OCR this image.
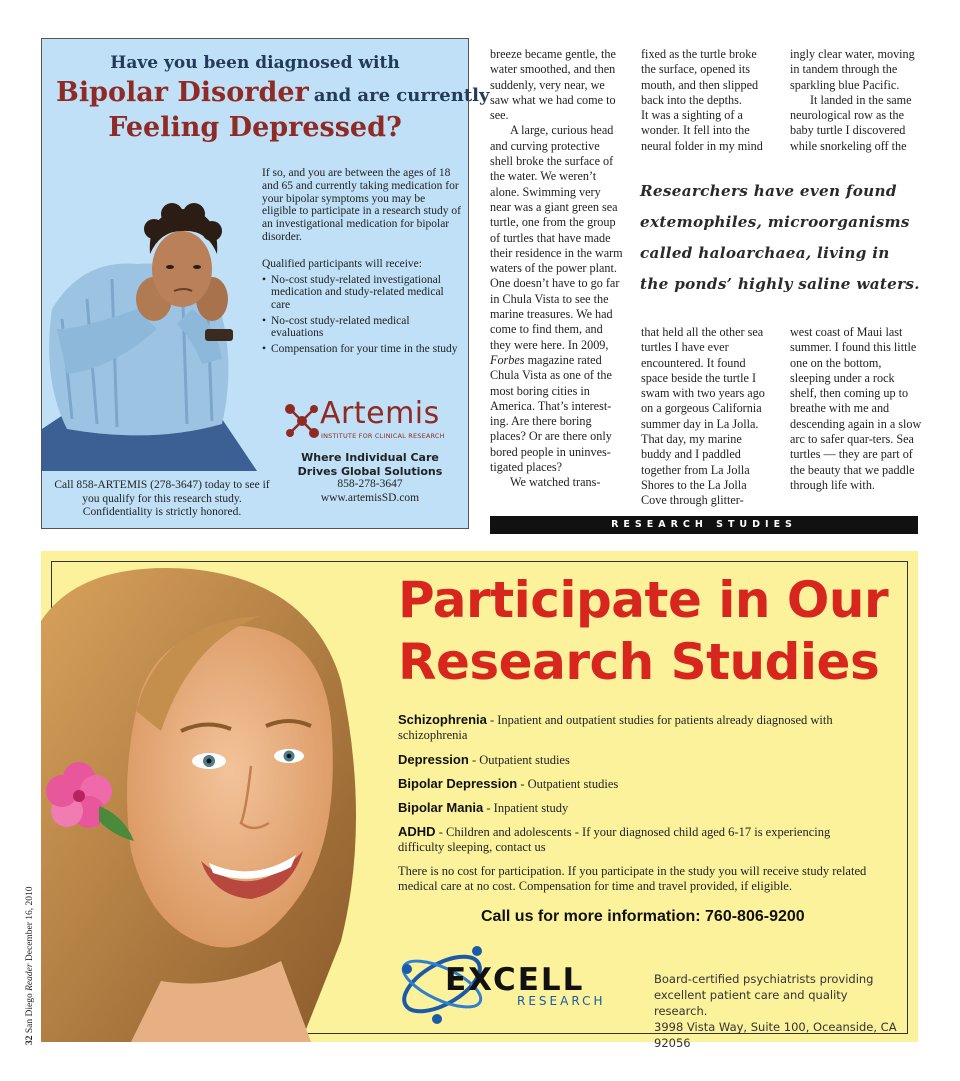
Have you been diagnosed with
Bipolar Disorder and are currently
Feeling Depressed?
If so, and you are between the ages of 18 and 65 and currently taking medication for your bipolar symptoms you may be eligible to participate in a research study of an investigational medication for bipolar disorder.
Qualified participants will receive:
• No-cost study-related investigational medication and study-related medical care
• No-cost study-related medical evaluations
• Compensation for your time in the study
Artemis
INSTITUTE FOR CLINICAL RESEARCH
Where Individual Care
Drives Global Solutions
858-278-3647
www.artemisSD.com
Call 858-ARTEMIS (278-3647) today to see if you qualify for this research study. Confidentiality is strictly honored.

breeze became gentle, the water smoothed, and then suddenly, very near, we saw what we had come to see.

A large, curious head and curving protective shell broke the surface of the water. We weren’t alone. Swimming very near was a giant green sea turtle, one from the group of turtles that have made their residence in the warm waters of the power plant. One doesn’t have to go far in Chula Vista to see the marine treasures. We had come to find them, and they were here. In 2009, Forbes magazine rated Chula Vista as one of the most boring cities in America. That’s interest-ing. Are there boring places? Or are there only bored people in uninves-tigated places?

We watched trans-

fixed as the turtle broke the surface, opened its mouth, and then slipped back into the depths.

It was a sighting of a wonder. It fell into the neural folder in my mind

ingly clear water, moving in tandem through the sparkling blue Pacific.

It landed in the same neurological row as the baby turtle I discovered while snorkeling off the

Researchers have even found extemophiles, microorganisms called haloarchaea, living in the ponds’ highly saline waters.
that held all the other sea turtles I have ever encountered. It found space beside the turtle I swam with two years ago on a gorgeous California summer day in La Jolla. That day, my marine buddy and I paddled together from La Jolla Shores to the La Jolla Cove through glitter-
west coast of Maui last summer. I found this little one on the bottom, sleeping under a rock shelf, then coming up to breathe with me and descending again in a slow arc to safer quar-ters. Sea turtles — they are part of the beauty that we paddle through life with.
RESEARCH STUDIES
Participate in Our
Research Studies
Schizophrenia - Inpatient and outpatient studies for patients already diagnosed with schizophrenia
Depression - Outpatient studies
Bipolar Depression - Outpatient studies
Bipolar Mania - Inpatient study
ADHD - Children and adolescents - If your diagnosed child aged 6-17 is experiencing difficulty sleeping, contact us
There is no cost for participation. If you participate in the study you will receive study related medical care at no cost. Compensation for time and travel provided, if eligible.
Call us for more information: 760-806-9200
EXCELL
RESEARCH
Board-certified psychiatrists providing
excellent patient care and quality research.
3998 Vista Way, Suite 100, Oceanside, CA 92056
32 San Diego Reader December 16, 2010
